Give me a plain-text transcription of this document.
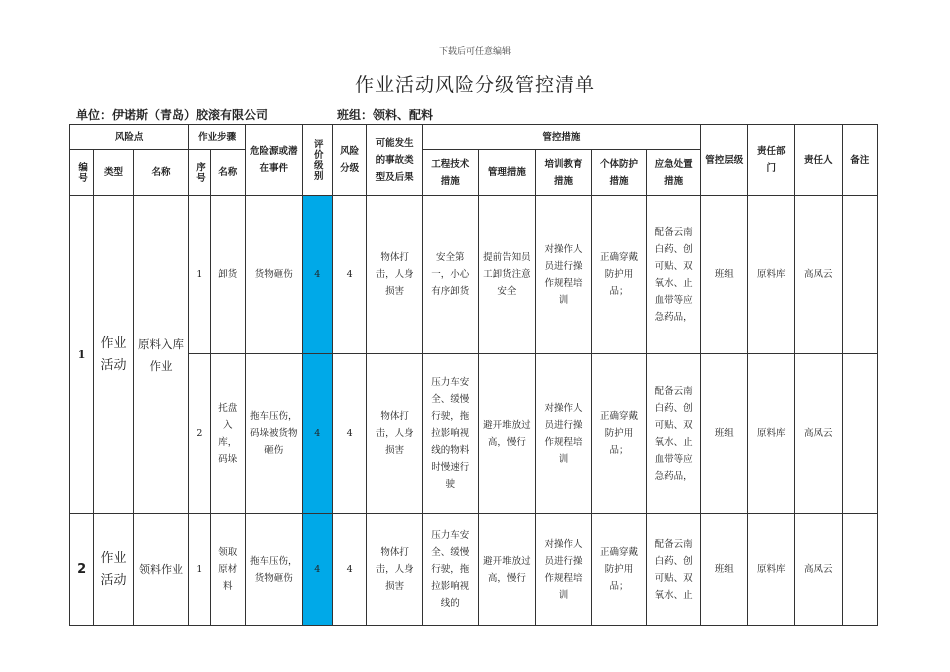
下载后可任意编辑
作业活动风险分级管控清单
单位：伊诺斯（青岛）胶滚有限公司	班组：领料、配料
风险点			作业步骤		危险源或潜在事件	评价级别	风险分级	可能发生的事故类型及后果	管控措施					管控层级	责任部门	责任人	备注

编号	类型	名称	序号	名称					工程技术措施	管理措施	培训教育措施	个体防护措施	应急处置措施				
1	作业活动	原料入库作业	1	卸货	货物砸伤	4	4	物体打击，人身损害	安全第一，小心有序卸货	提前告知员工卸货注意安全	对操作人员进行操作规程培训	正确穿戴防护用品；	配备云南白药、创可贴、双氧水、止血带等应急药品，	班组	原料库	高凤云	
			2	托盘入库，码垛	拖车压伤，码垛被货物砸伤	4	4	物体打击，人身损害	压力车安全、缓慢行驶，拖拉影响视线的物料时慢速行驶	避开堆放过高，慢行	对操作人员进行操作规程培训	正确穿戴防护用品；	配备云南白药、创可贴、双氧水、止血带等应急药品，	班组	原料库	高凤云	
2	作业活动	领料作业	1	领取原材料	拖车压伤，货物砸伤	4	4	物体打击，人身损害	压力车安全、缓慢行驶，拖拉影响视线的	避开堆放过高，慢行	对操作人员进行操作规程培训	正确穿戴防护用品；	配备云南白药、创可贴、双氧水、止	班组	原料库	高凤云	
